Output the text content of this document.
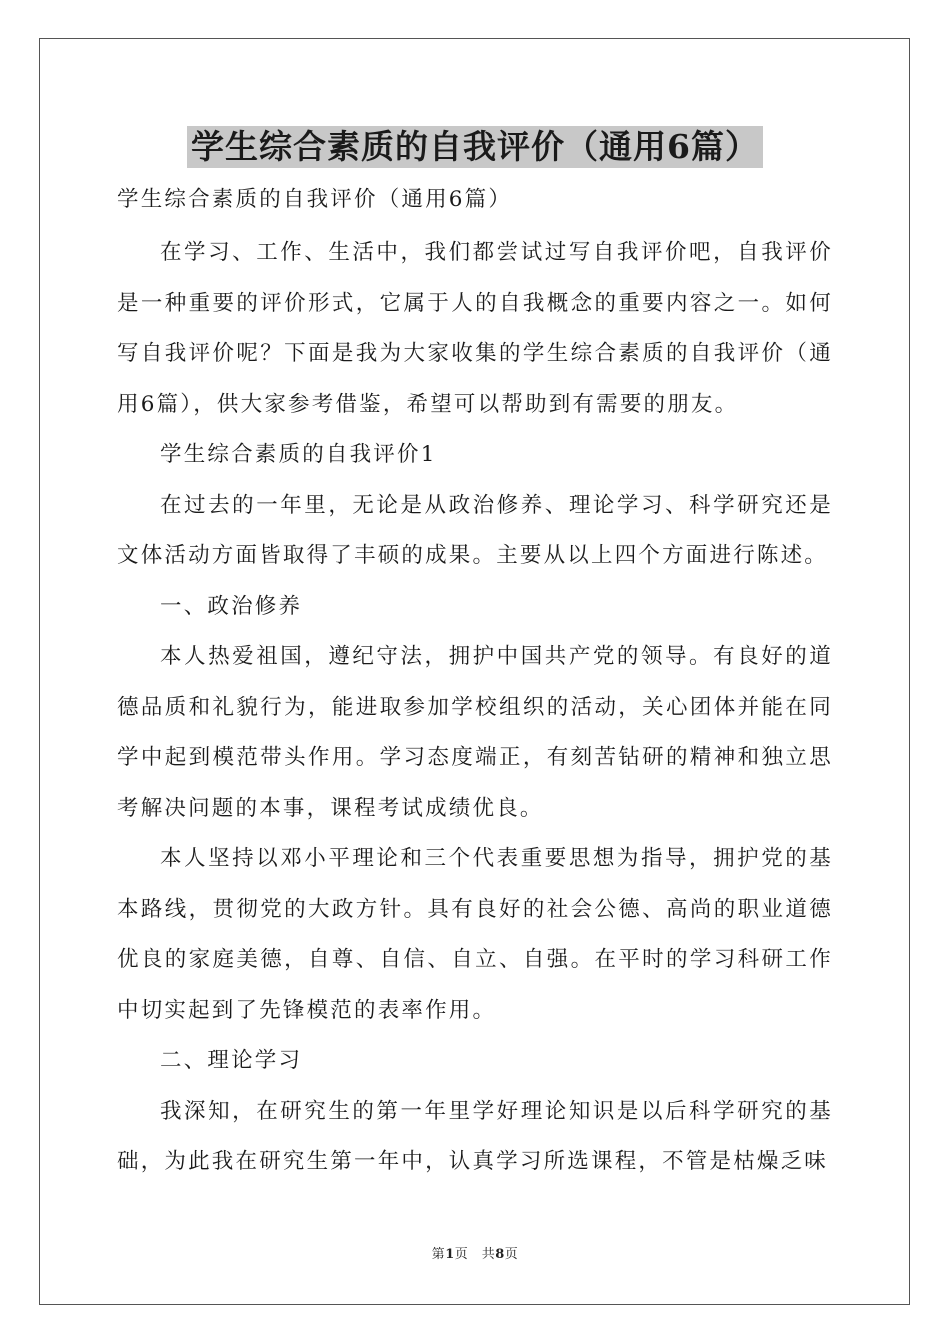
学生综合素质的自我评价（通用6篇）

学生综合素质的自我评价（通用6篇）

在学习、工作、生活中，我们都尝试过写自我评价吧，自我评价是一种重要的评价形式，它属于人的自我概念的重要内容之一。如何写自我评价呢？下面是我为大家收集的学生综合素质的自我评价（通用6篇），供大家参考借鉴，希望可以帮助到有需要的朋友。

学生综合素质的自我评价1

在过去的一年里，无论是从政治修养、理论学习、科学研究还是文体活动方面皆取得了丰硕的成果。主要从以上四个方面进行陈述。

一、政治修养

本人热爱祖国，遵纪守法，拥护中国共产党的领导。有良好的道德品质和礼貌行为，能进取参加学校组织的活动，关心团体并能在同学中起到模范带头作用。学习态度端正，有刻苦钻研的精神和独立思考解决问题的本事，课程考试成绩优良。

本人坚持以邓小平理论和三个代表重要思想为指导，拥护党的基本路线，贯彻党的大政方针。具有良好的社会公德、高尚的职业道德优良的家庭美德，自尊、自信、自立、自强。在平时的学习科研工作中切实起到了先锋模范的表率作用。

二、理论学习

我深知，在研究生的第一年里学好理论知识是以后科学研究的基础，为此我在研究生第一年中，认真学习所选课程，不管是枯燥乏味

第1页　共8页
